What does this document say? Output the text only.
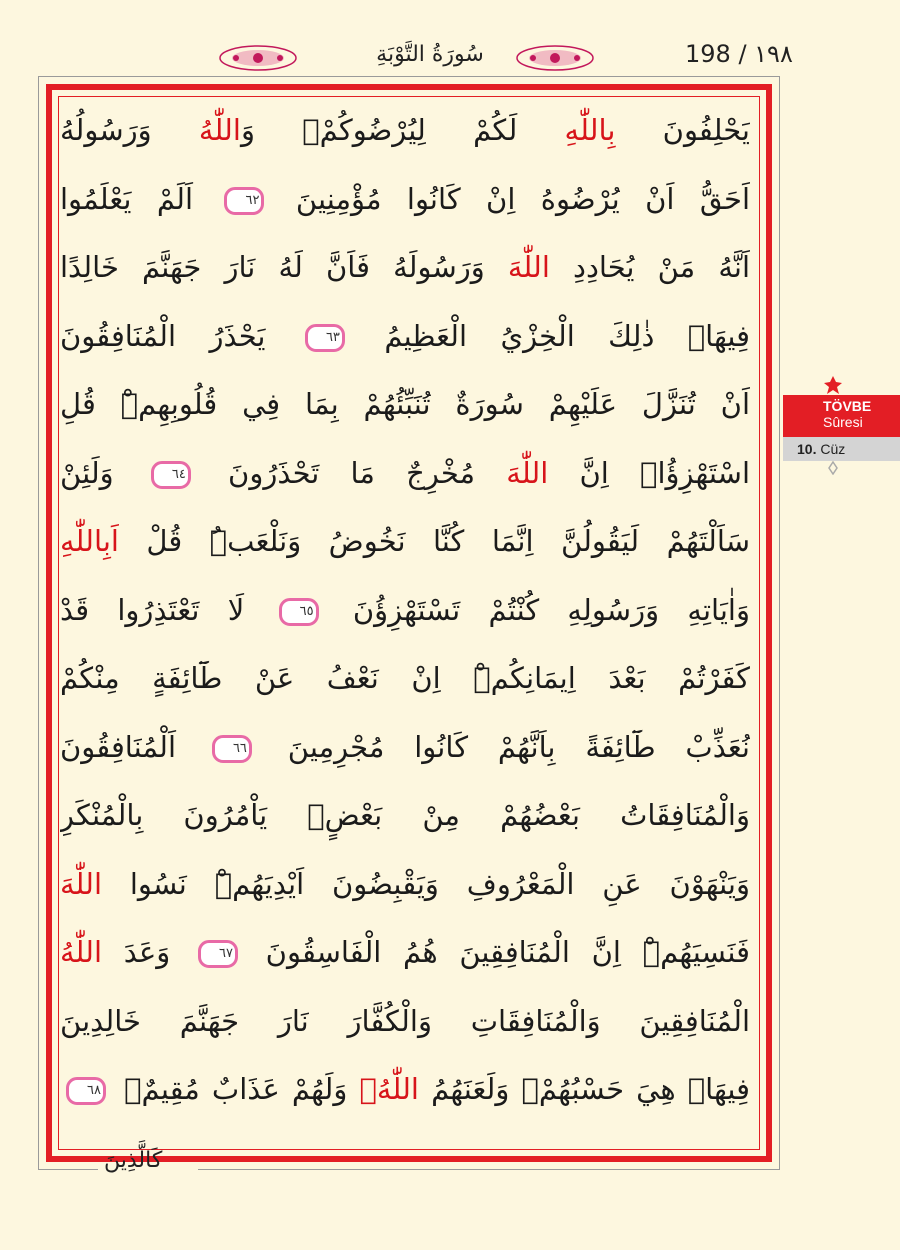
سُورَةُ التَّوْبَةِ	198 / ١٩٨
يَحْلِفُونَ بِاللّٰهِ لَكُمْ لِيُرْضُوكُمْۚ وَاللّٰهُ وَرَسُولُهُ
اَحَقُّ اَنْ يُرْضُوهُ اِنْ كَانُوا مُؤْمِنِينَ ٦٢ اَلَمْ يَعْلَمُوا
اَنَّهُ مَنْ يُحَادِدِ اللّٰهَ وَرَسُولَهُ فَاَنَّ لَهُ نَارَ جَهَنَّمَ خَالِدًا
فِيهَاۜ ذٰلِكَ الْخِزْيُ الْعَظِيمُ ٦٣ يَحْذَرُ الْمُنَافِقُونَ
اَنْ تُنَزَّلَ عَلَيْهِمْ سُورَةٌ تُنَبِّئُهُمْ بِمَا فِي قُلُوبِهِمْۜ قُلِ
اسْتَهْزِؤُاۚ اِنَّ اللّٰهَ مُخْرِجٌ مَا تَحْذَرُونَ ٦٤ وَلَئِنْ
سَاَلْتَهُمْ لَيَقُولُنَّ اِنَّمَا كُنَّا نَخُوضُ وَنَلْعَبُۜ قُلْ اَبِاللّٰهِ
وَاٰيَاتِهِ وَرَسُولِهِ كُنْتُمْ تَسْتَهْزِؤُنَ ٦٥ لَا تَعْتَذِرُوا قَدْ
كَفَرْتُمْ بَعْدَ اِيمَانِكُمْۜ اِنْ نَعْفُ عَنْ طَٓائِفَةٍ مِنْكُمْ
نُعَذِّبْ طَٓائِفَةً بِاَنَّهُمْ كَانُوا مُجْرِمِينَ ٦٦ اَلْمُنَافِقُونَ
وَالْمُنَافِقَاتُ بَعْضُهُمْ مِنْ بَعْضٍۢ يَاْمُرُونَ بِالْمُنْكَرِ
وَيَنْهَوْنَ عَنِ الْمَعْرُوفِ وَيَقْبِضُونَ اَيْدِيَهُمْۜ نَسُوا اللّٰهَ
فَنَسِيَهُمْۜ اِنَّ الْمُنَافِقِينَ هُمُ الْفَاسِقُونَ ٦٧ وَعَدَ اللّٰهُ
الْمُنَافِقِينَ وَالْمُنَافِقَاتِ وَالْكُفَّارَ نَارَ جَهَنَّمَ خَالِدِينَ
فِيهَاۜ هِيَ حَسْبُهُمْۚ وَلَعَنَهُمُ اللّٰهُۚ وَلَهُمْ عَذَابٌ مُقِيمٌۙ ٦٨
TÖVBE
Sûresi
10. Cüz
كَالَّذِينَ
